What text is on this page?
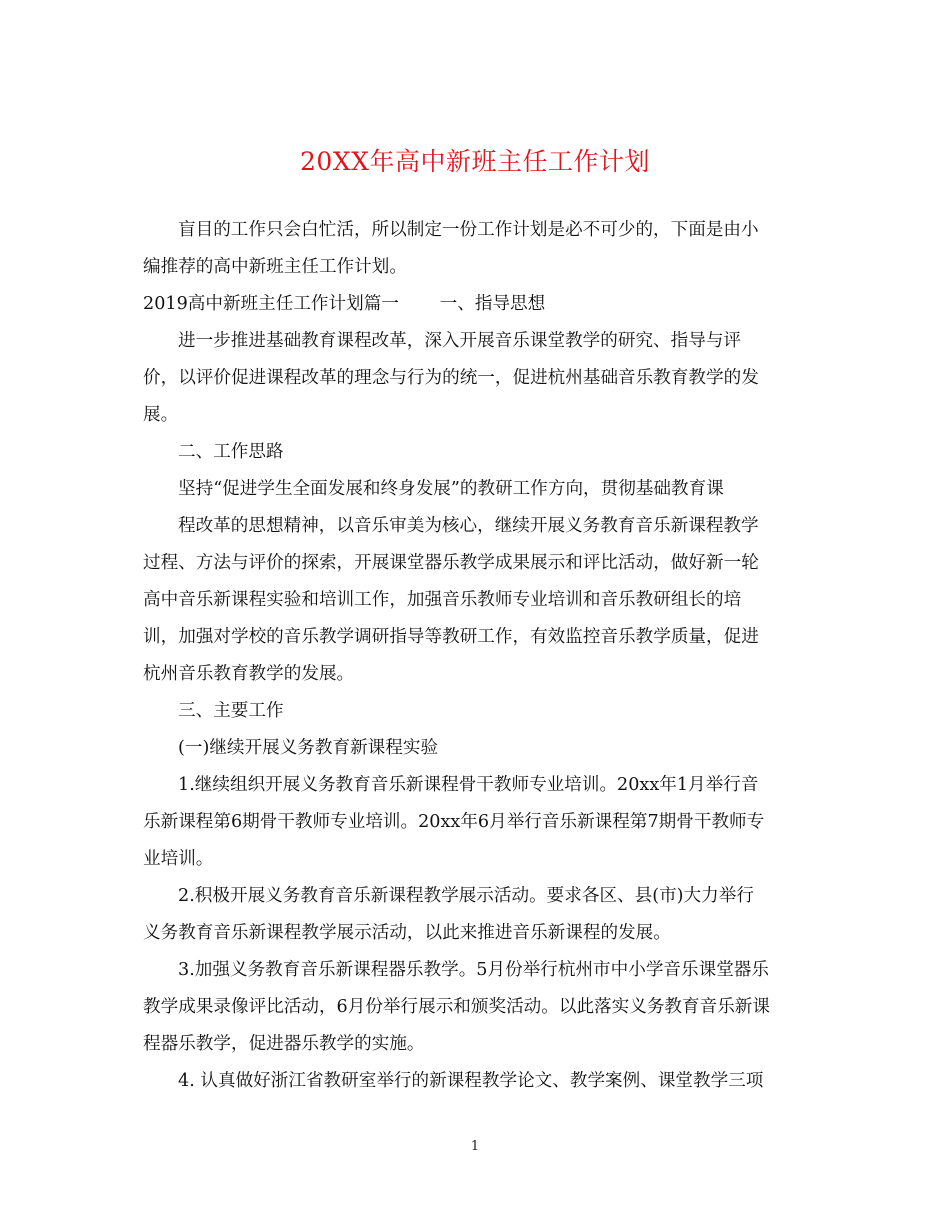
20XX年高中新班主任工作计划
盲目的工作只会白忙活，所以制定一份工作计划是必不可少的，下面是由小
编推荐的高中新班主任工作计划。
2019高中新班主任工作计划篇一　　 一、指导思想
进一步推进基础教育课程改革，深入开展音乐课堂教学的研究、指导与评
价，以评价促进课程改革的理念与行为的统一，促进杭州基础音乐教育教学的发
展。
二、工作思路
坚持“促进学生全面发展和终身发展”的教研工作方向，贯彻基础教育课
程改革的思想精神，以音乐审美为核心，继续开展义务教育音乐新课程教学
过程、方法与评价的探索，开展课堂器乐教学成果展示和评比活动，做好新一轮
高中音乐新课程实验和培训工作，加强音乐教师专业培训和音乐教研组长的培
训，加强对学校的音乐教学调研指导等教研工作，有效监控音乐教学质量，促进
杭州音乐教育教学的发展。
三、主要工作
(一)继续开展义务教育新课程实验
1.继续组织开展义务教育音乐新课程骨干教师专业培训。20xx年1月举行音
乐新课程第6期骨干教师专业培训。20xx年6月举行音乐新课程第7期骨干教师专
业培训。
2.积极开展义务教育音乐新课程教学展示活动。要求各区、县(市)大力举行
义务教育音乐新课程教学展示活动，以此来推进音乐新课程的发展。
3.加强义务教育音乐新课程器乐教学。5月份举行杭州市中小学音乐课堂器乐
教学成果录像评比活动，6月份举行展示和颁奖活动。以此落实义务教育音乐新课
程器乐教学，促进器乐教学的实施。
4. 认真做好浙江省教研室举行的新课程教学论文、教学案例、课堂教学三项
1
